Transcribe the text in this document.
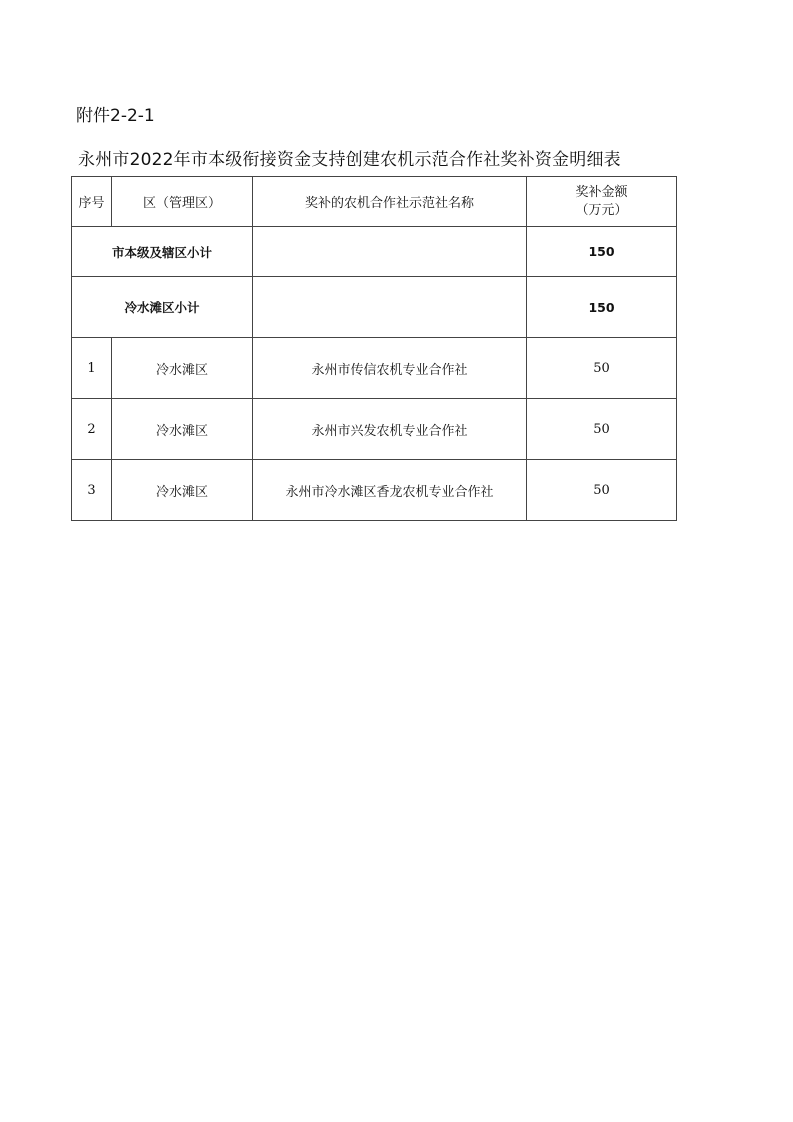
附件2-2-1
永州市2022年市本级衔接资金支持创建农机示范合作社奖补资金明细表
序号	区（管理区）	奖补的农机合作社示范社名称	奖补金额
（万元）

市本级及辖区小计			150
冷水滩区小计			150
1	冷水滩区	永州市传信农机专业合作社	50
2	冷水滩区	永州市兴发农机专业合作社	50
3	冷水滩区	永州市冷水滩区香龙农机专业合作社	50
